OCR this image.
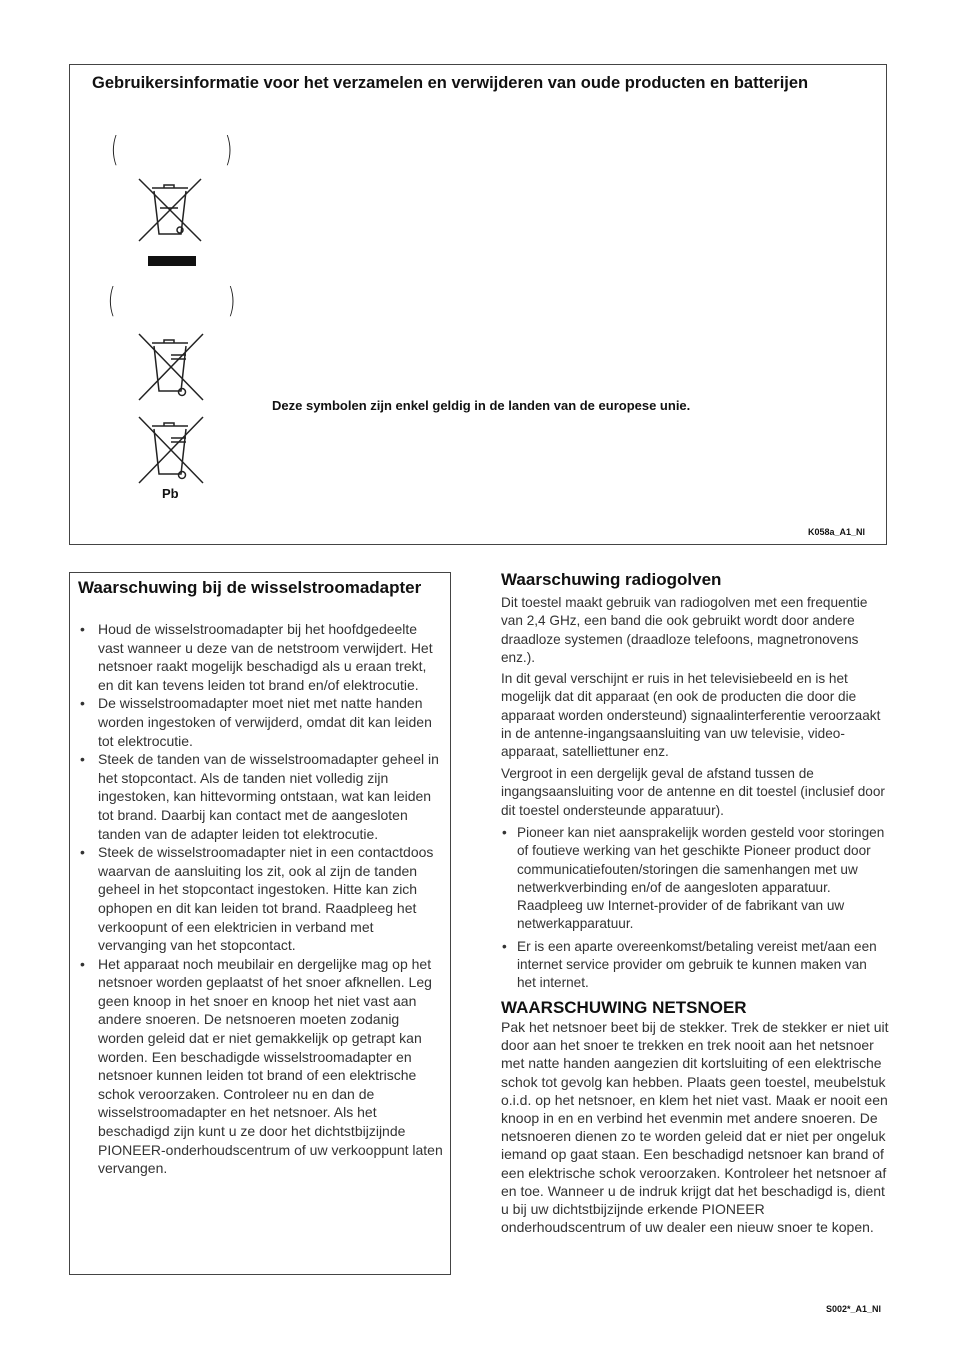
Gebruikersinformatie voor het verzamelen en verwijderen van oude producten en batterijen
(	)
(	)
Pb
Deze symbolen zijn enkel geldig in de landen van de europese unie.
K058a_A1_Nl
Waarschuwing bij de wisselstroomadapter
• Houd de wisselstroomadapter bij het hoofdgedeelte vast wanneer u deze van de netstroom verwijdert. Het netsnoer raakt mogelijk beschadigd als u eraan trekt, en dit kan tevens leiden tot brand en/of elektrocutie.
• De wisselstroomadapter moet niet met natte handen worden ingestoken of verwijderd, omdat dit kan leiden tot elektrocutie.
• Steek de tanden van de wisselstroomadapter geheel in het stopcontact. Als de tanden niet volledig zijn ingestoken, kan hittevorming ontstaan, wat kan leiden tot brand. Daarbij kan contact met de aangesloten tanden van de adapter leiden tot elektrocutie.
• Steek de wisselstroomadapter niet in een contactdoos waarvan de aansluiting los zit, ook al zijn de tanden geheel in het stopcontact ingestoken. Hitte kan zich ophopen en dit kan leiden tot brand. Raadpleeg het verkoopunt of een elektricien in verband met vervanging van het stopcontact.
• Het apparaat noch meubilair en dergelijke mag op het netsnoer worden geplaatst of het snoer afknellen. Leg geen knoop in het snoer en knoop het niet vast aan andere snoeren. De netsnoeren moeten zodanig worden geleid dat er niet gemakkelijk op getrapt kan worden. Een beschadigde wisselstroomadapter en netsnoer kunnen leiden tot brand of een elektrische schok veroorzaken. Controleer nu en dan de wisselstroomadapter en het netsnoer. Als het beschadigd zijn kunt u ze door het dichtstbijzijnde PIONEER-onderhoudscentrum of uw verkooppunt laten vervangen.
Waarschuwing radiogolven

Dit toestel maakt gebruik van radiogolven met een frequentie van 2,4 GHz, een band die ook gebruikt wordt door andere draadloze systemen (draadloze telefoons, magnetronovens enz.).

In dit geval verschijnt er ruis in het televisiebeeld en is het mogelijk dat dit apparaat (en ook de producten die door die apparaat worden ondersteund) signaalinterferentie veroorzaakt in de antenne-ingangsaansluiting van uw televisie, video-apparaat, satelliettuner enz.

Vergroot in een dergelijk geval de afstand tussen de ingangsaansluiting voor de antenne en dit toestel (inclusief door dit toestel ondersteunde apparatuur).

• Pioneer kan niet aansprakelijk worden gesteld voor storingen of foutieve werking van het geschikte Pioneer product door communicatiefouten/storingen die samenhangen met uw netwerkverbinding en/of de aangesloten apparatuur. Raadpleeg uw Internet-provider of de fabrikant van uw netwerkapparatuur.
• Er is een aparte overeenkomst/betaling vereist met/aan een internet service provider om gebruik te kunnen maken van het internet.
WAARSCHUWING NETSNOER

Pak het netsnoer beet bij de stekker. Trek de stekker er niet uit door aan het snoer te trekken en trek nooit aan het netsnoer met natte handen aangezien dit kortsluiting of een elektrische schok tot gevolg kan hebben. Plaats geen toestel, meubelstuk o.i.d. op het netsnoer, en klem het niet vast. Maak er nooit een knoop in en en verbind het evenmin met andere snoeren. De netsnoeren dienen zo te worden geleid dat er niet per ongeluk iemand op gaat staan. Een beschadigd netsnoer kan brand of een elektrische schok veroorzaken. Kontroleer het netsnoer af en toe. Wanneer u de indruk krijgt dat het beschadigd is, dient u bij uw dichtstbijzijnde erkende PIONEER onderhoudscentrum of uw dealer een nieuw snoer te kopen.

S002*_A1_Nl
